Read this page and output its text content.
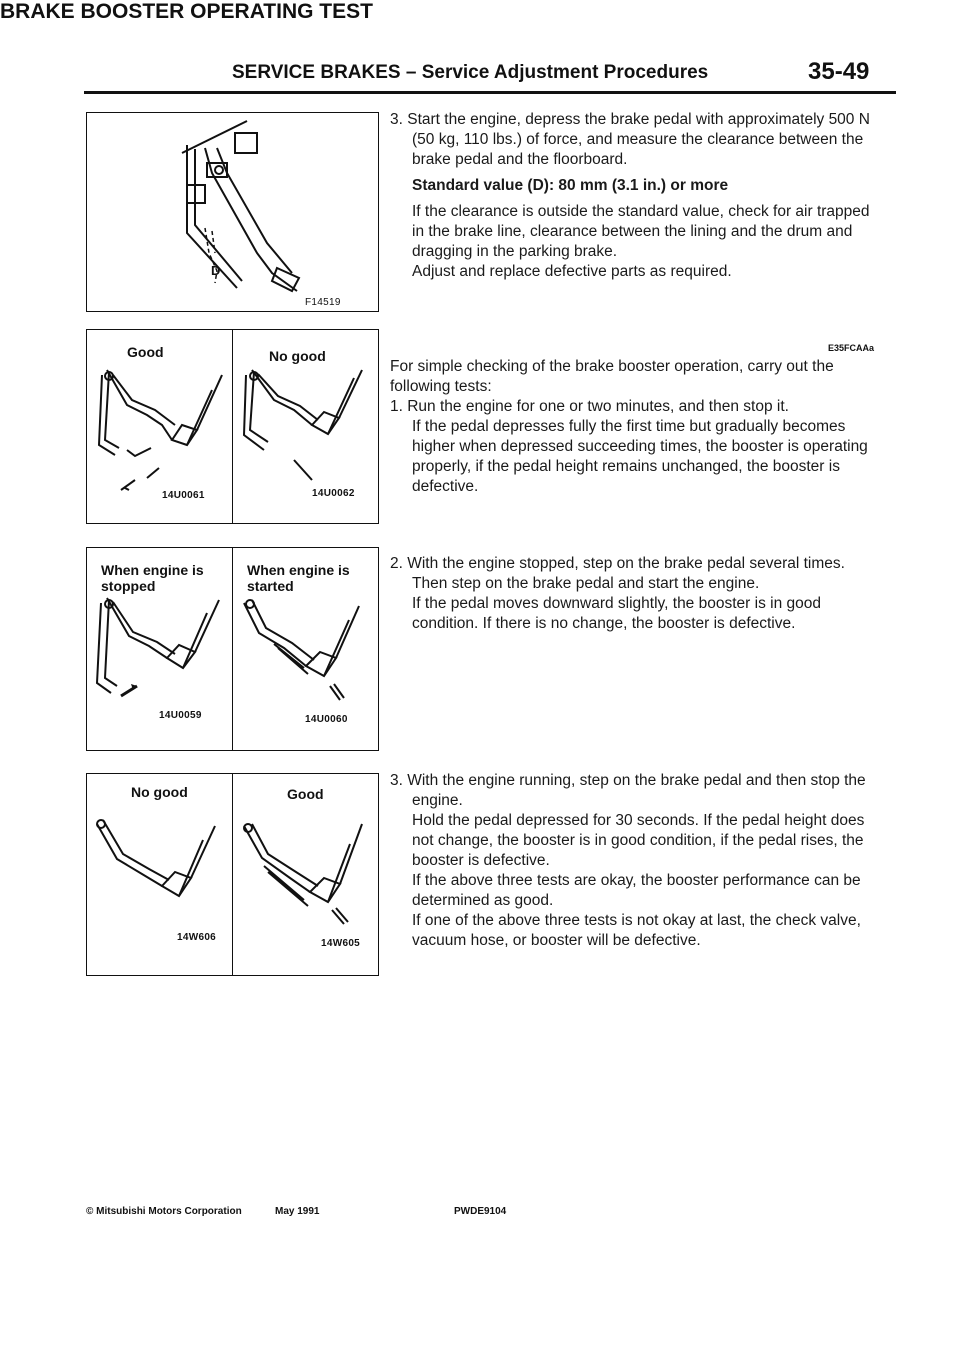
SERVICE BRAKES – Service Adjustment Procedures	35-49
D
F14519
Good	No good
14U0061	14U0062
When engine is
stopped
When engine is
started
14U0059	14U0060
No good	Good
14W606
14W605

3. Start the engine, depress the brake pedal with approximately 500 N (50 kg, 110 lbs.) of force, and measure the clearance between the brake pedal and the floorboard.

Standard value (D): 80 mm (3.1 in.) or more

If the clearance is outside the standard value, check for air trapped in the brake line, clearance between the lining and the drum and dragging in the parking brake.

Adjust and replace defective parts as required.

BRAKE BOOSTER OPERATING TEST
E35FCAAa

For simple checking of the brake booster operation, carry out the following tests:

1. Run the engine for one or two minutes, and then stop it.

If the pedal depresses fully the first time but gradually becomes higher when depressed succeeding times, the booster is operating properly, if the pedal height remains unchanged, the booster is defective.

2. With the engine stopped, step on the brake pedal several times.

Then step on the brake pedal and start the engine.

If the pedal moves downward slightly, the booster is in good condition. If there is no change, the booster is defective.

3. With the engine running, step on the brake pedal and then stop the engine.

Hold the pedal depressed for 30 seconds. If the pedal height does not change, the booster is in good condition, if the pedal rises, the booster is defective.

If the above three tests are okay, the booster performance can be determined as good.

If one of the above three tests is not okay at last, the check valve, vacuum hose, or booster will be defective.

© Mitsubishi Motors Corporation	May 1991	PWDE9104
